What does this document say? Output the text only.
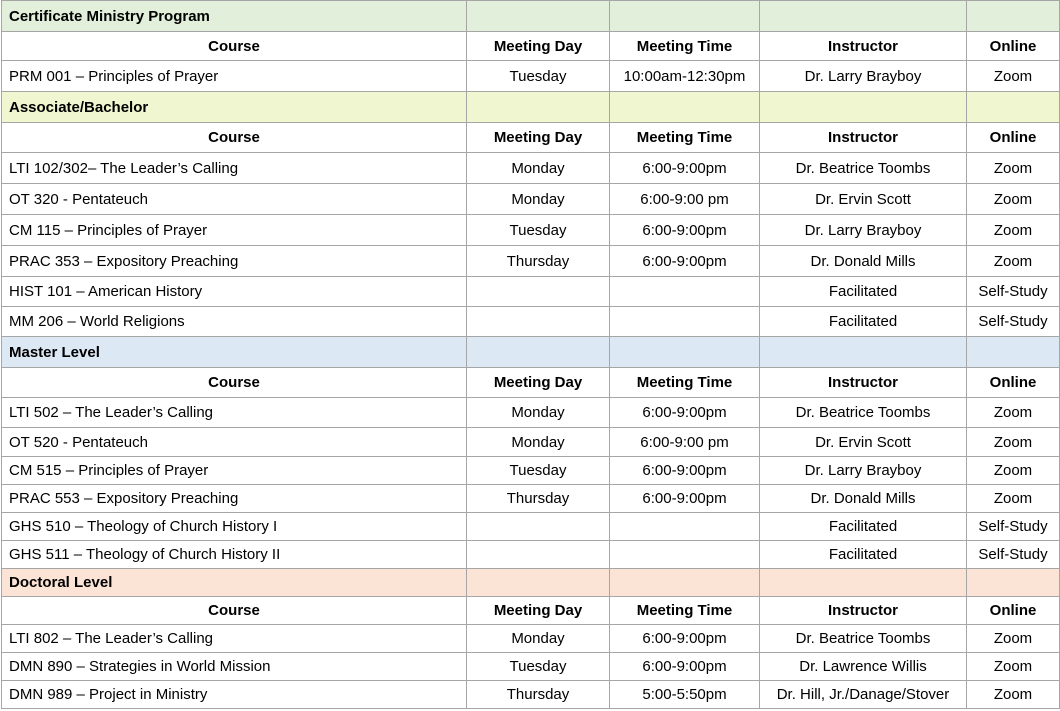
Certificate Ministry Program				
Course	Meeting Day	Meeting Time	Instructor	Online
PRM 001 – Principles of Prayer	Tuesday	10:00am-12:30pm	Dr. Larry Brayboy	Zoom
Associate/Bachelor				
Course	Meeting Day	Meeting Time	Instructor	Online
LTI 102/302– The Leader’s Calling	Monday	6:00-9:00pm	Dr. Beatrice Toombs	Zoom
OT 320 - Pentateuch	Monday	6:00-9:00 pm	Dr. Ervin Scott	Zoom
CM 115 – Principles of Prayer	Tuesday	6:00-9:00pm	Dr. Larry Brayboy	Zoom
PRAC 353 – Expository Preaching	Thursday	6:00-9:00pm	Dr. Donald Mills	Zoom
HIST 101 – American History			Facilitated	Self-Study
MM 206 – World Religions			Facilitated	Self-Study
Master Level				
Course	Meeting Day	Meeting Time	Instructor	Online
LTI 502 – The Leader’s Calling	Monday	6:00-9:00pm	Dr. Beatrice Toombs	Zoom
OT 520 - Pentateuch	Monday	6:00-9:00 pm	Dr. Ervin Scott	Zoom
CM 515 – Principles of Prayer	Tuesday	6:00-9:00pm	Dr. Larry Brayboy	Zoom
PRAC 553 – Expository Preaching	Thursday	6:00-9:00pm	Dr. Donald Mills	Zoom
GHS 510 – Theology of Church History I			Facilitated	Self-Study
GHS 511 – Theology of Church History II			Facilitated	Self-Study
Doctoral Level				
Course	Meeting Day	Meeting Time	Instructor	Online
LTI 802 – The Leader’s Calling	Monday	6:00-9:00pm	Dr. Beatrice Toombs	Zoom
DMN 890 – Strategies in World Mission	Tuesday	6:00-9:00pm	Dr. Lawrence Willis	Zoom
DMN 989 – Project in Ministry	Thursday	5:00-5:50pm	Dr. Hill, Jr./Danage/Stover	Zoom
